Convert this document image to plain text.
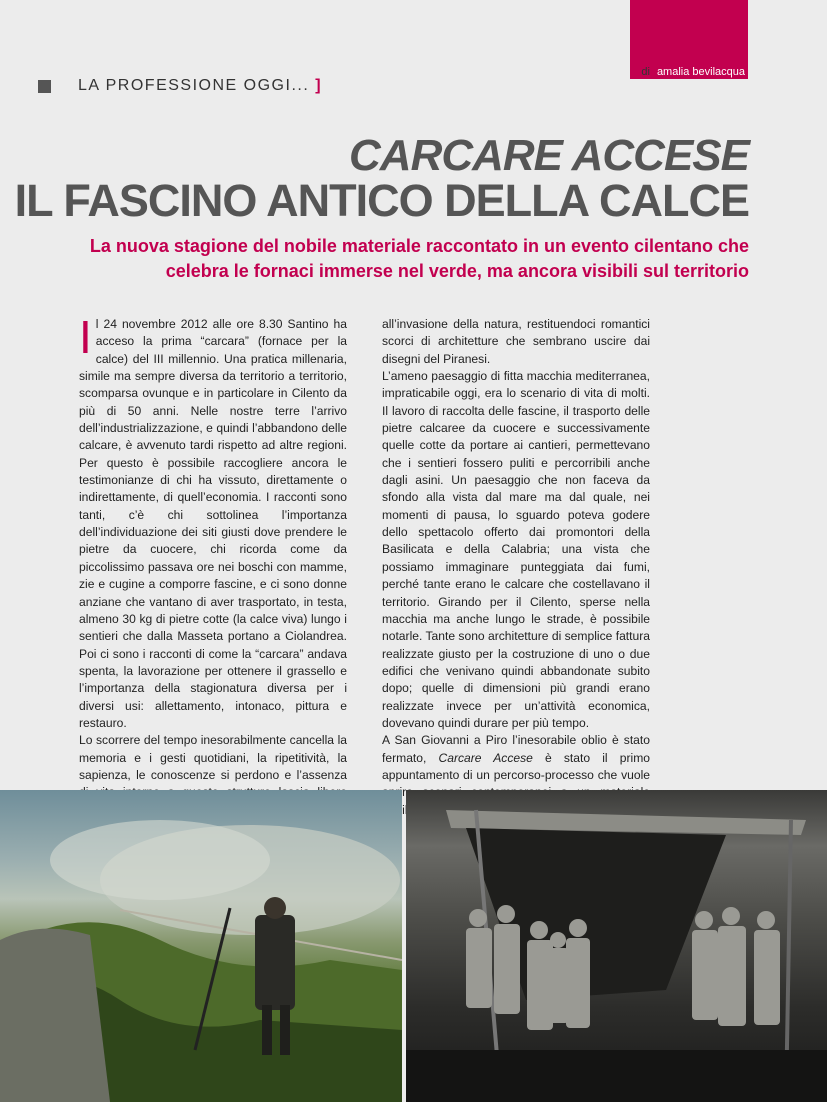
di amalia bevilacqua
LA PROFESSIONE OGGI... ]
CARCARE ACCESE
IL FASCINO ANTICO DELLA CALCE
La nuova stagione del nobile materiale raccontato in un evento cilentano che celebra le fornaci immerse nel verde, ma ancora visibili sul territorio

Il 24 novembre 2012 alle ore 8.30 Santino ha acceso la prima “carcara” (fornace per la calce) del III millennio. Una pratica millenaria, simile ma sempre diversa da territorio a territorio, scomparsa ovunque e in particolare in Cilento da più di 50 anni. Nelle nostre terre l’arrivo dell’industrializzazione, e quindi l’abbandono delle calcare, è avvenuto tardi rispetto ad altre regioni. Per questo è possibile raccogliere ancora le testimonianze di chi ha vissuto, direttamente o indirettamente, di quell’economia. I racconti sono tanti, c’è chi sottolinea l’importanza dell’individuazione dei siti giusti dove prendere le pietre da cuocere, chi ricorda come da piccolissimo passava ore nei boschi con mamme, zie e cugine a comporre fascine, e ci sono donne anziane che vantano di aver trasportato, in testa, almeno 30 kg di pietre cotte (la calce viva) lungo i sentieri che dalla Masseta portano a Ciolandrea. Poi ci sono i racconti di come la “carcara” andava spenta, la lavorazione per ottenere il grassello e l’importanza della stagionatura diversa per i diversi usi: allettamento, intonaco, pittura e restauro.

Lo scorrere del tempo inesorabilmente cancella la memoria e i gesti quotidiani, la ripetitività, la sapienza, le conoscenze si perdono e l’assenza

all’invasione della natura, restituendoci romantici scorci di architetture che sembrano uscire dai disegni del Piranesi.

L’ameno paesaggio di fitta macchia mediterranea, impraticabile oggi, era lo scenario di vita di molti. Il lavoro di raccolta delle fascine, il trasporto delle pietre calcaree da cuocere e successivamente quelle cotte da portare ai cantieri, permettevano che i sentieri fossero puliti e percorribili anche dagli asini. Un paesaggio che non faceva da sfondo alla vista dal mare ma dal quale, nei momenti di pausa, lo sguardo poteva godere dello spettacolo offerto dai promontori della Basilicata e della Calabria; una vista che possiamo immaginare punteggiata dai fumi, perché tante erano le calcare che costellavano il territorio. Girando per il Cilento, sperse nella macchia ma anche lungo le strade, è possibile notarle. Tante sono architetture di semplice fattura realizzate giusto per la costruzione di uno o due edifici che venivano quindi abbandonate subito dopo; quelle di dimensioni più grandi erano realizzate invece per un’attività economica, dovevano quindi durare per più tempo.

A San Giovanni a Piro l’inesorabile oblio è stato fermato, Carcare Accese è stato il primo appuntamento di un percorso-processo che vuole
